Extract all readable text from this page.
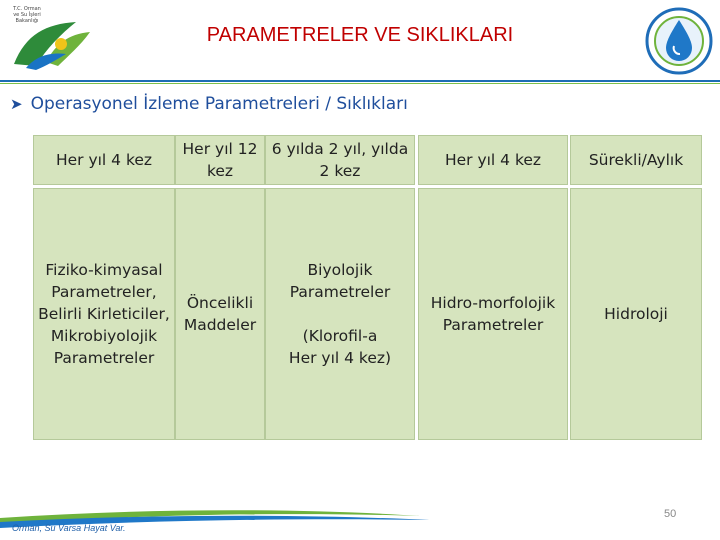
T.C. Orman ve Su İşleri Bakanlığı
PARAMETRELER VE SIKLIKLARI
➤ Operasyonel İzleme Parametreleri / Sıklıkları
Her yıl 4 kez
Her yıl 12
kez
6 yılda 2 yıl, yılda
2 kez
Her yıl 4 kez	Sürekli/Aylık
Fiziko-kimyasal
Parametreler,
Belirli Kirleticiler,
Mikrobiyolojik
Parametreler
Öncelikli
Maddeler
Biyolojik
Parametreler
(Klorofil-a
Her yıl 4 kez)
Hidro-morfolojik
Parametreler
Hidroloji
Orman, Su Varsa Hayat Var.
50
